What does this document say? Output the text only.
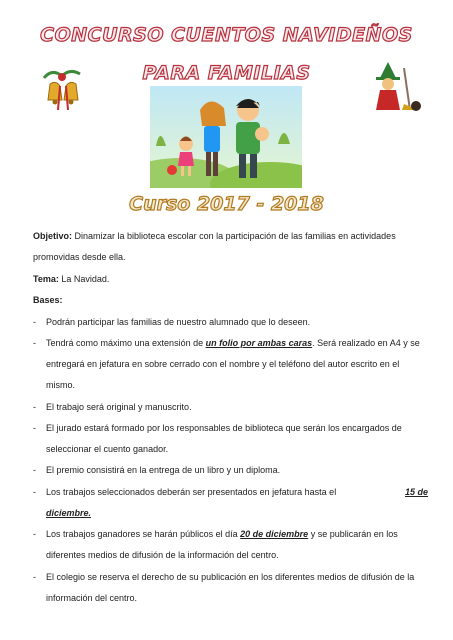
CONCURSO CUENTOS NAVIDEÑOS
PARA FAMILIAS
Curso 2017 - 2018
Objetivo: Dinamizar la biblioteca escolar con la participación de las familias en actividades
promovidas desde ella.
Tema: La Navidad.
Bases:
- Podrán participar las familias de nuestro alumnado que lo deseen.
- Tendrá como máximo una extensión de un folio por ambas caras. Será realizado en A4 y se
entregará en jefatura en sobre cerrado con el nombre y el teléfono del autor escrito en el
mismo.
- El trabajo será original y manuscrito.
- El jurado estará formado por los responsables de biblioteca que serán los encargados de
seleccionar el cuento ganador.
- El premio consistirá en la entrega de un libro y un diploma.
- Los trabajos seleccionados deberán ser presentados en jefatura hasta el	15 de
diciembre.
- Los trabajos ganadores se harán públicos el día 20 de diciembre y se publicarán en los
diferentes medios de difusión de la información del centro.
- El colegio se reserva el derecho de su publicación en los diferentes medios de difusión de la
información del centro.
